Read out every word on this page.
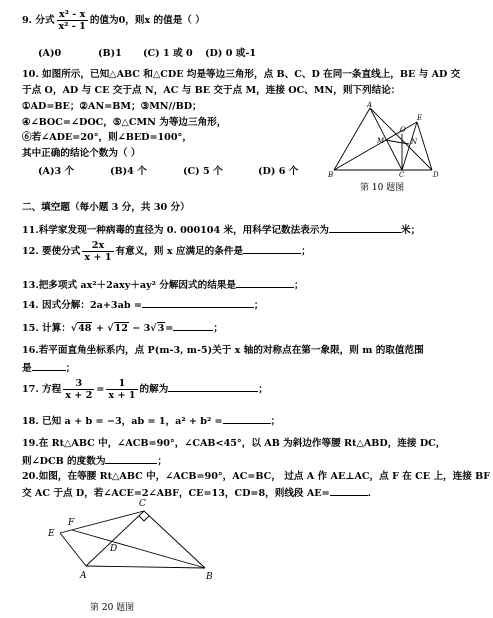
9. 分式 $\frac{\text{x² - x}}{\text{x² - 1}}$ 的值为0，则x 的值是（ ）
(A)0	(B)1 (C) 1 或 0 (D) 0 或-1
10. 如图所示，已知△ABC 和△CDE 均是等边三角形，点 B、C、D 在同一条直线上，BE 与 AD 交
于点 O，AD 与 CE 交于点 N，AC 与 BE 交于点 M，连接 OC、MN，则下列结论：
①AD=BE；②AN=BM；③MN//BD；
④∠BOC=∠DOC，⑤△CMN 为等边三角形，
⑥若∠ADE=20°，则∠BED=100°，
其中正确的结论个数为（ ）
(A)3 个	(B)4 个	(C) 5 个	(D) 6 个
A
B	C	D
E
M	N
O
第 10 题图
二、填空题（每小题 3 分，共 30 分）
11.科学家发现一种病毒的直径为 0. 000104 米，用科学记数法表示为	米；
12. 要使分式 $\frac{2x}{x + 1}$ 有意义，则 x 应满足的条件是	；
13.把多项式 ax²＋2axy＋ay² 分解因式的结果是	；
14. 因式分解：2a+3ab =	；
15. 计算：√48 + √12 − 3√3=	；
16.若平面直角坐标系内，点 P(m-3, m-5)关于 x 轴的对称点在第一象限，则 m 的取值范围
是	；
17. 方程 $\frac{3}{x + 2} = \frac{1}{x + 1}$ 的解为	；
18. 已知 a + b = −3，ab = 1，a² + b² =	；
19.在 Rt△ABC 中，∠ACB=90°，∠CAB<45°，以 AB 为斜边作等腰 Rt△ABD，连接 DC，
则∠DCB 的度数为	；
20.如图，在等腰 Rt△ABC 中，∠ACB=90°，AC=BC， 过点 A 作 AE⊥AC，点 F 在 CE 上，连接 BF
交 AC 于点 D，若∠ACE=2∠ABF，CE=13，CD=8，则线段 AE=	.
C
E
F
D
A	B
第 20 题图
